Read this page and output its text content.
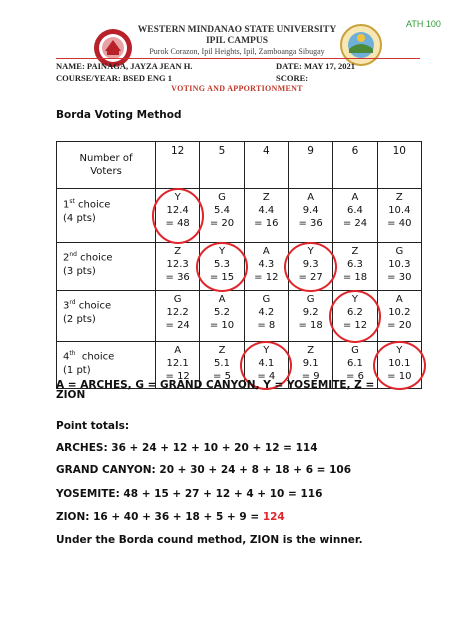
ATH 100
WESTERN MINDANAO STATE UNIVERSITY
IPIL CAMPUS
Purok Corazon, Ipil Heights, Ipil, Zamboanga Sibugay
NAME: PAINAGA, JAYZA JEAN H.	DATE: MAY 17, 2021
COURSE/YEAR: BSED ENG 1	SCORE:
VOTING AND APPORTIONMENT
Borda Voting Method
Number of
Voters	12	5	4	9	6	10
1st choice
(4 pts)	Y
12.4
= 48	G
5.4
= 20	Z
4.4
= 16	A
9.4
= 36	A
6.4
= 24	Z
10.4
= 40
2nd choice
(3 pts)	Z
12.3
= 36	Y
5.3
= 15	A
4.3
= 12	Y
9.3
= 27	Z
6.3
= 18	G
10.3
= 30
3rd choice
(2 pts)	G
12.2
= 24	A
5.2
= 10	G
4.2
= 8	G
9.2
= 18	Y
6.2
= 12	A
10.2
= 20
4th  choice
(1 pt)	A
12.1
= 12	Z
5.1
= 5	Y
4.1
= 4	Z
9.1
= 9	G
6.1
= 6	Y
10.1
= 10
A = ARCHES, G = GRAND CANYON, Y = YOSEMITE, Z =
ZION
Point totals:
ARCHES: 36 + 24 + 12 + 10 + 20 + 12 = 114
GRAND CANYON: 20 + 30 + 24 + 8 + 18 + 6 = 106
YOSEMITE: 48 + 15 + 27 + 12 + 4 + 10 = 116
ZION: 16 + 40 + 36 + 18 + 5 + 9 = 124
Under the Borda cound method, ZION is the winner.
